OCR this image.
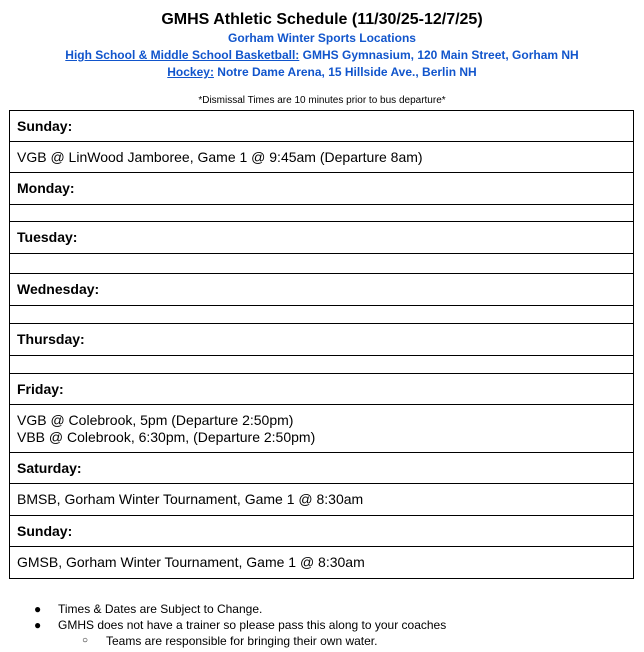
GMHS Athletic Schedule (11/30/25-12/7/25)
Gorham Winter Sports Locations
High School & Middle School Basketball: GMHS Gymnasium, 120 Main Street, Gorham NH
Hockey: Notre Dame Arena, 15 Hillside Ave., Berlin NH
*Dismissal Times are 10 minutes prior to bus departure*
Sunday:

VGB @ LinWood Jamboree, Game 1 @ 9:45am (Departure 8am)

Monday:

Tuesday:

Wednesday:

Thursday:

Friday:

VGB @ Colebrook, 5pm (Departure 2:50pm)
VBB @ Colebrook, 6:30pm, (Departure 2:50pm)

Saturday:

BMSB, Gorham Winter Tournament, Game 1 @ 8:30am

Sunday:

GMSB, Gorham Winter Tournament, Game 1 @ 8:30am
● Times & Dates are Subject to Change.
● GMHS does not have a trainer so please pass this along to your coaches
○ Teams are responsible for bringing their own water.
